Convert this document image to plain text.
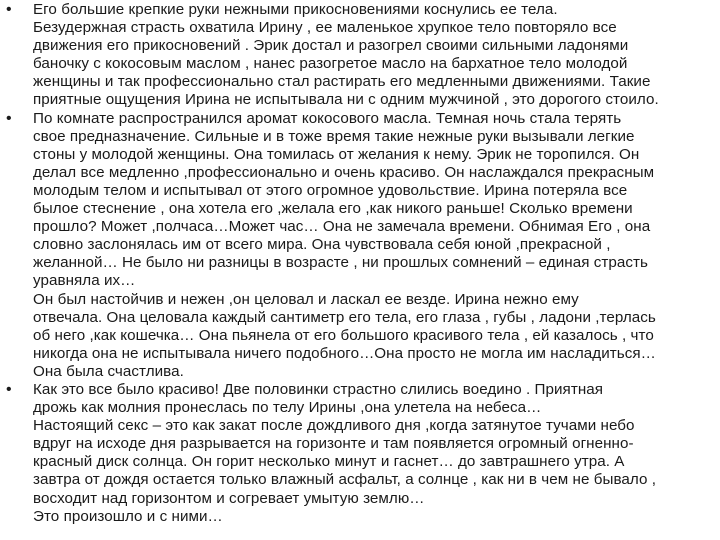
• Его большие крепкие руки нежными прикосновениями коснулись ее тела.
Безудержная страсть охватила Ирину , ее маленькое хрупкое тело повторяло все
движения его прикосновений . Эрик достал и разогрел своими сильными ладонями
баночку с кокосовым маслом , нанес разогретое масло на бархатное тело молодой
женщины и так профессионально стал растирать его медленными движениями. Такие
приятные ощущения Ирина не испытывала ни с одним мужчиной , это дорогого стоило.
• По комнате распространился аромат кокосового масла. Темная ночь стала терять
свое предназначение. Сильные и в тоже время такие нежные руки вызывали легкие
стоны у молодой женщины. Она томилась от желания к нему. Эрик не торопился. Он
делал все медленно ,профессионально и очень красиво. Он наслаждался прекрасным
молодым телом и испытывал от этого огромное удовольствие. Ирина потеряла все
былое стеснение , она хотела его ,желала его ,как никого раньше! Сколько времени
прошло? Может ,полчаса…Может час… Она не замечала времени. Обнимая Его , она
словно заслонялась им от всего мира. Она чувствовала себя юной ,прекрасной ,
желанной… Не было ни разницы в возрасте , ни прошлых сомнений – единая страсть
уравняла их…
Он был настойчив и нежен ,он целовал и ласкал ее везде. Ирина нежно ему
отвечала. Она целовала каждый сантиметр его тела, его глаза , губы , ладони ,терлась
об него ,как кошечка… Она пьянела от его большого красивого тела , ей казалось , что
никогда она не испытывала ничего подобного…Она просто не могла им насладиться…
Она была счастлива.
• Как это все было красиво! Две половинки страстно слились воедино . Приятная
дрожь как молния пронеслась по телу Ирины ,она улетела на небеса…
Настоящий секс – это как закат после дождливого дня ,когда затянутое тучами небо
вдруг на исходе дня разрывается на горизонте и там появляется огромный огненно-
красный диск солнца. Он горит несколько минут и гаснет… до завтрашнего утра. А
завтра от дождя остается только влажный асфальт, а солнце , как ни в чем не бывало ,
восходит над горизонтом и согревает умытую землю…
Это произошло и с ними…
